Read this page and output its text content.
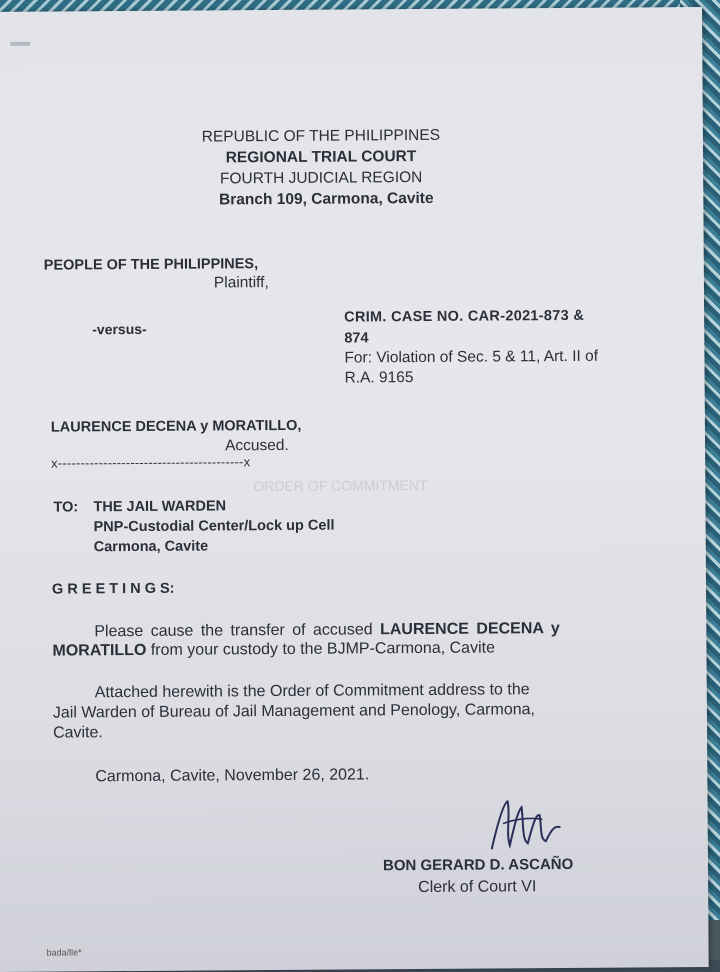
ORDER OF COMMITMENT
​
REPUBLIC OF THE PHILIPPINES
REGIONAL TRIAL COURT
FOURTH JUDICIAL REGION
Branch 109, Carmona, Cavite
PEOPLE OF THE PHILIPPINES,
Plaintiff,
-versus-
CRIM. CASE NO. CAR-2021-873 &
874
For: Violation of Sec. 5 & 11, Art. II of
R.A. 9165
LAURENCE DECENA y MORATILLO,
Accused.
x-----------------------------------------x
TO: THE JAIL WARDEN
PNP-Custodial Center/Lock up Cell
Carmona, Cavite
G R E E T I N G S:
Please cause the transfer of accused LAURENCE DECENA y
MORATILLO from your custody to the BJMP-Carmona, Cavite
Attached herewith is the Order of Commitment address to the
Jail Warden of Bureau of Jail Management and Penology, Carmona,
Cavite.
Carmona, Cavite, November 26, 2021.
BON GERARD D. ASCAÑO
Clerk of Court VI
bada/lle*
